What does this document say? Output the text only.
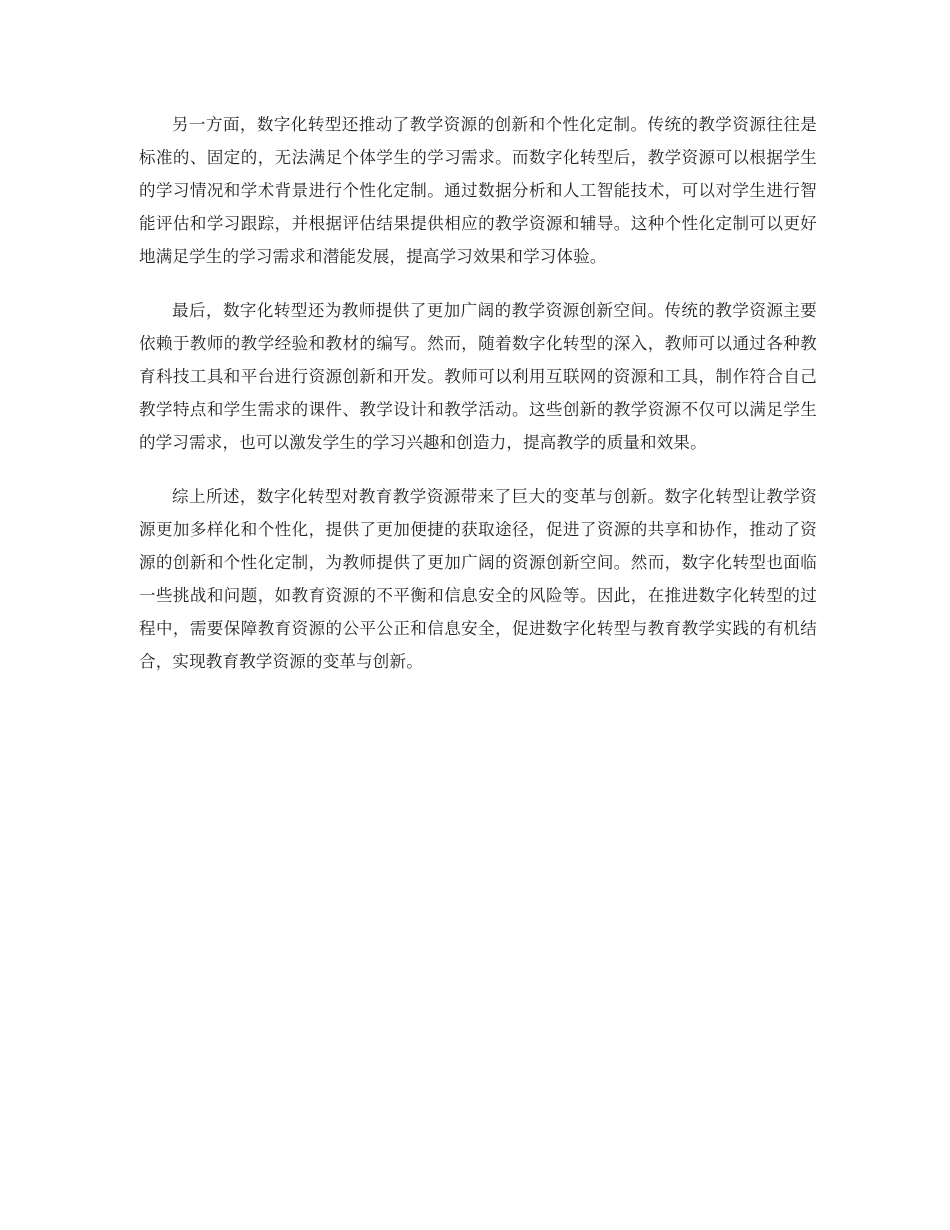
另一方面，数字化转型还推动了教学资源的创新和个性化定制。传统的教学资源往往是标准的、固定的，无法满足个体学生的学习需求。而数字化转型后，教学资源可以根据学生的学习情况和学术背景进行个性化定制。通过数据分析和人工智能技术，可以对学生进行智能评估和学习跟踪，并根据评估结果提供相应的教学资源和辅导。这种个性化定制可以更好地满足学生的学习需求和潜能发展，提高学习效果和学习体验。

最后，数字化转型还为教师提供了更加广阔的教学资源创新空间。传统的教学资源主要依赖于教师的教学经验和教材的编写。然而，随着数字化转型的深入，教师可以通过各种教育科技工具和平台进行资源创新和开发。教师可以利用互联网的资源和工具，制作符合自己教学特点和学生需求的课件、教学设计和教学活动。这些创新的教学资源不仅可以满足学生的学习需求，也可以激发学生的学习兴趣和创造力，提高教学的质量和效果。

综上所述，数字化转型对教育教学资源带来了巨大的变革与创新。数字化转型让教学资源更加多样化和个性化，提供了更加便捷的获取途径，促进了资源的共享和协作，推动了资源的创新和个性化定制，为教师提供了更加广阔的资源创新空间。然而，数字化转型也面临一些挑战和问题，如教育资源的不平衡和信息安全的风险等。因此，在推进数字化转型的过程中，需要保障教育资源的公平公正和信息安全，促进数字化转型与教育教学实践的有机结合，实现教育教学资源的变革与创新。
